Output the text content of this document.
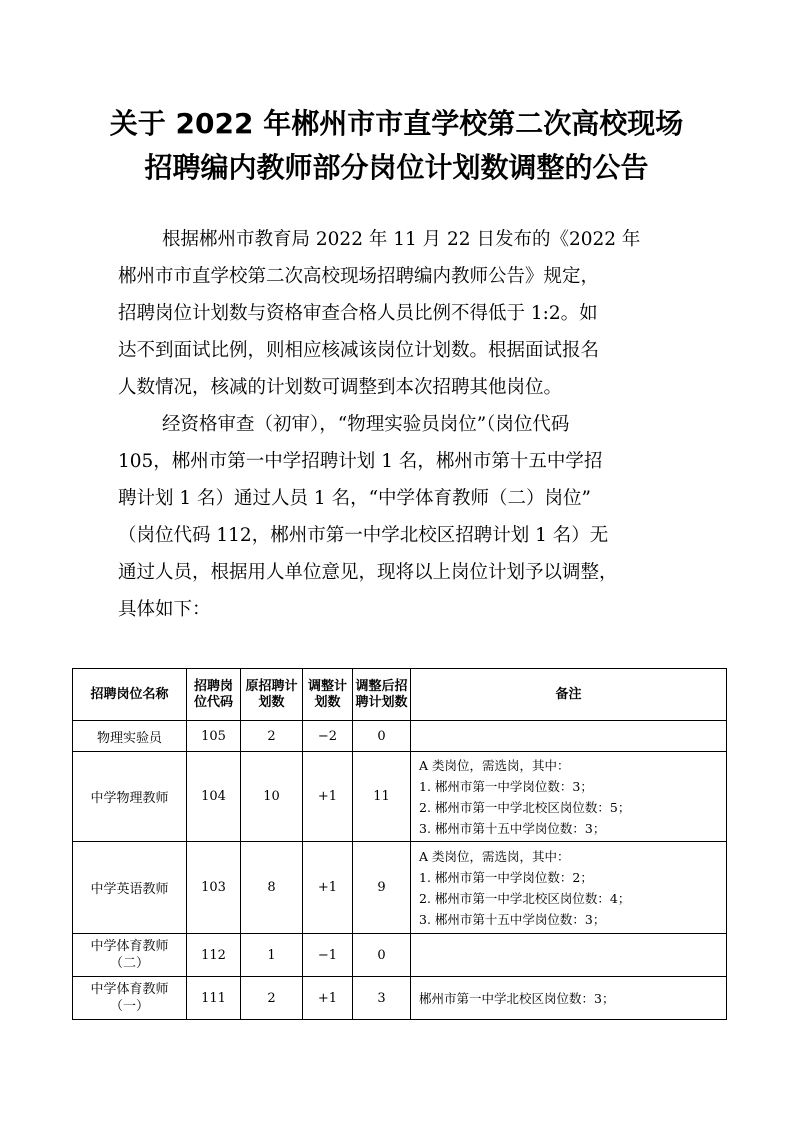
关于 2022 年郴州市市直学校第二次高校现场
招聘编内教师部分岗位计划数调整的公告
根据郴州市教育局 2022 年 11 月 22 日发布的《2022 年
郴州市市直学校第二次高校现场招聘编内教师公告》规定，
招聘岗位计划数与资格审查合格人员比例不得低于 1:2。如
达不到面试比例，则相应核减该岗位计划数。根据面试报名
人数情况，核减的计划数可调整到本次招聘其他岗位。
经资格审查（初审），“物理实验员岗位”（岗位代码
105，郴州市第一中学招聘计划 1 名，郴州市第十五中学招
聘计划 1 名）通过人员 1 名，“中学体育教师（二）岗位”
（岗位代码 112，郴州市第一中学北校区招聘计划 1 名）无
通过人员，根据用人单位意见，现将以上岗位计划予以调整，
具体如下：
招聘岗位名称	招聘岗位代码	原招聘计划数	调整计划数	调整后招聘计划数	备注
物理实验员	105	2	−2	0	
中学物理教师	104	10	+1	11	A 类岗位，需选岗，其中：
1. 郴州市第一中学岗位数：3；
2. 郴州市第一中学北校区岗位数：5；
3. 郴州市第十五中学岗位数：3；

中学英语教师	103	8	+1	9	A 类岗位，需选岗，其中：
1. 郴州市第一中学岗位数：2；
2. 郴州市第一中学北校区岗位数：4；
3. 郴州市第十五中学岗位数：3；

中学体育教师（二）	112	1	−1	0	
中学体育教师（一）	111	2	+1	3	郴州市第一中学北校区岗位数：3；
